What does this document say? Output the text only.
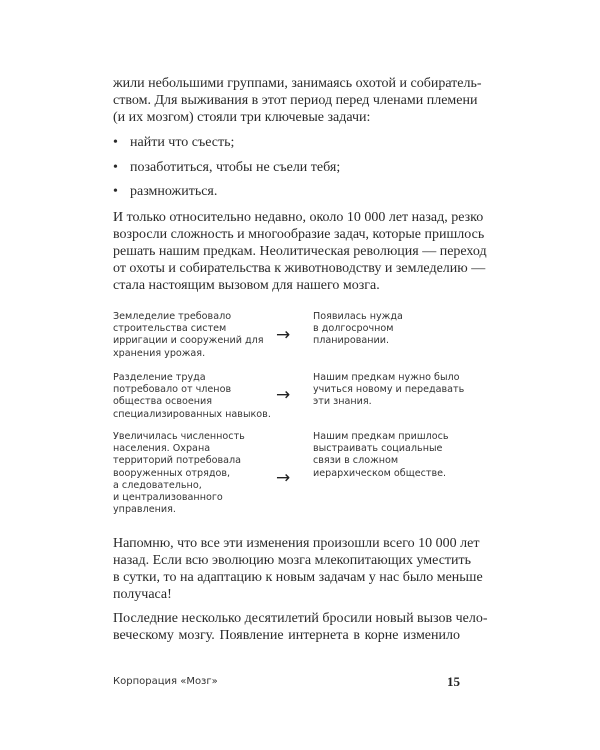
жили небольшими группами, занимаясь охотой и собиратель-
ством. Для выживания в этот период перед членами племени
(и их мозгом) стояли три ключевые задачи:
• найти что съесть;
• позаботиться, чтобы не съели тебя;
• размножиться.
И только относительно недавно, около 10 000 лет назад, резко
возросли сложность и многообразие задач, которые пришлось
решать нашим предкам. Неолитическая революция — переход
от охоты и собирательства к животноводству и земледелию —
стала настоящим вызовом для нашего мозга.
Земледелие требовало
строительства систем
ирригации и сооружений для
хранения урожая.
→
Появилась нужда
в долгосрочном
планировании.
Разделение труда
потребовало от членов
общества освоения
специализированных навыков.
→
Нашим предкам нужно было
учиться новому и передавать
эти знания.
Увеличилась численность
населения. Охрана
территорий потребовала
вооруженных отрядов,
а следовательно,
и централизованного
управления.
→
Нашим предкам пришлось
выстраивать социальные
связи в сложном
иерархическом обществе.
Напомню, что все эти изменения произошли всего 10 000 лет
назад. Если всю эволюцию мозга млекопитающих уместить
в сутки, то на адаптацию к новым задачам у нас было меньше
получаса!
Последние несколько десятилетий бросили новый вызов чело-
веческому мозгу. Появление интернета в корне изменило
Корпорация «Мозг»	15
